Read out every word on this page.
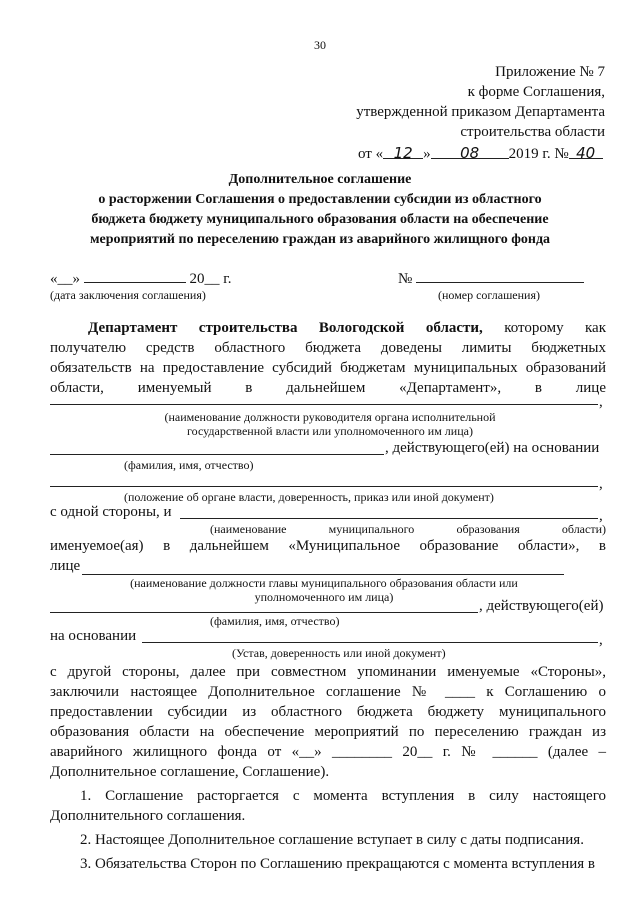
30
Приложение № 7
к форме Соглашения,
утвержденной приказом Департамента
строительства области
от « 12 » 08 2019 г. № 40
Дополнительное соглашение
о расторжении Соглашения о предоставлении субсидии из областного
бюджета бюджету муниципального образования области на обеспечение
мероприятий по переселению граждан из аварийного жилищного фонда
«__»	20__ г.	№
(дата заключения соглашения)	(номер соглашения)
Департамент строительства Вологодской области, которому как
получателю средств областного бюджета доведены лимиты бюджетных
обязательств на предоставление субсидий бюджетам муниципальных образований
области, именуемый в дальнейшем «Департамент», в лице
,
(наименование должности руководителя органа исполнительной
государственной власти или уполномоченного им лица)
, действующего(ей) на основании
(фамилия, имя, отчество)
,
(положение об органе власти, доверенность, приказ или иной документ)
с одной стороны, и	,
(наименование муниципального образования области)
именуемое(ая) в дальнейшем «Муниципальное образование области», в
лице
(наименование должности главы муниципального образования области или
уполномоченного им лица)
, действующего(ей)
(фамилия, имя, отчество)
на основании	,
(Устав, доверенность или иной документ)
с другой стороны, далее при совместном упоминании именуемые «Стороны»,
заключили настоящее Дополнительное соглашение № ____ к Соглашению о
предоставлении субсидии из областного бюджета бюджету муниципального
образования области на обеспечение мероприятий по переселению граждан из
аварийного жилищного фонда от «__» ________ 20__ г. № ______ (далее –
Дополнительное соглашение, Соглашение).
1. Соглашение расторгается с момента вступления в силу настоящего
Дополнительного соглашения.
2. Настоящее Дополнительное соглашение вступает в силу с даты подписания.
3. Обязательства Сторон по Соглашению прекращаются с момента вступления в
